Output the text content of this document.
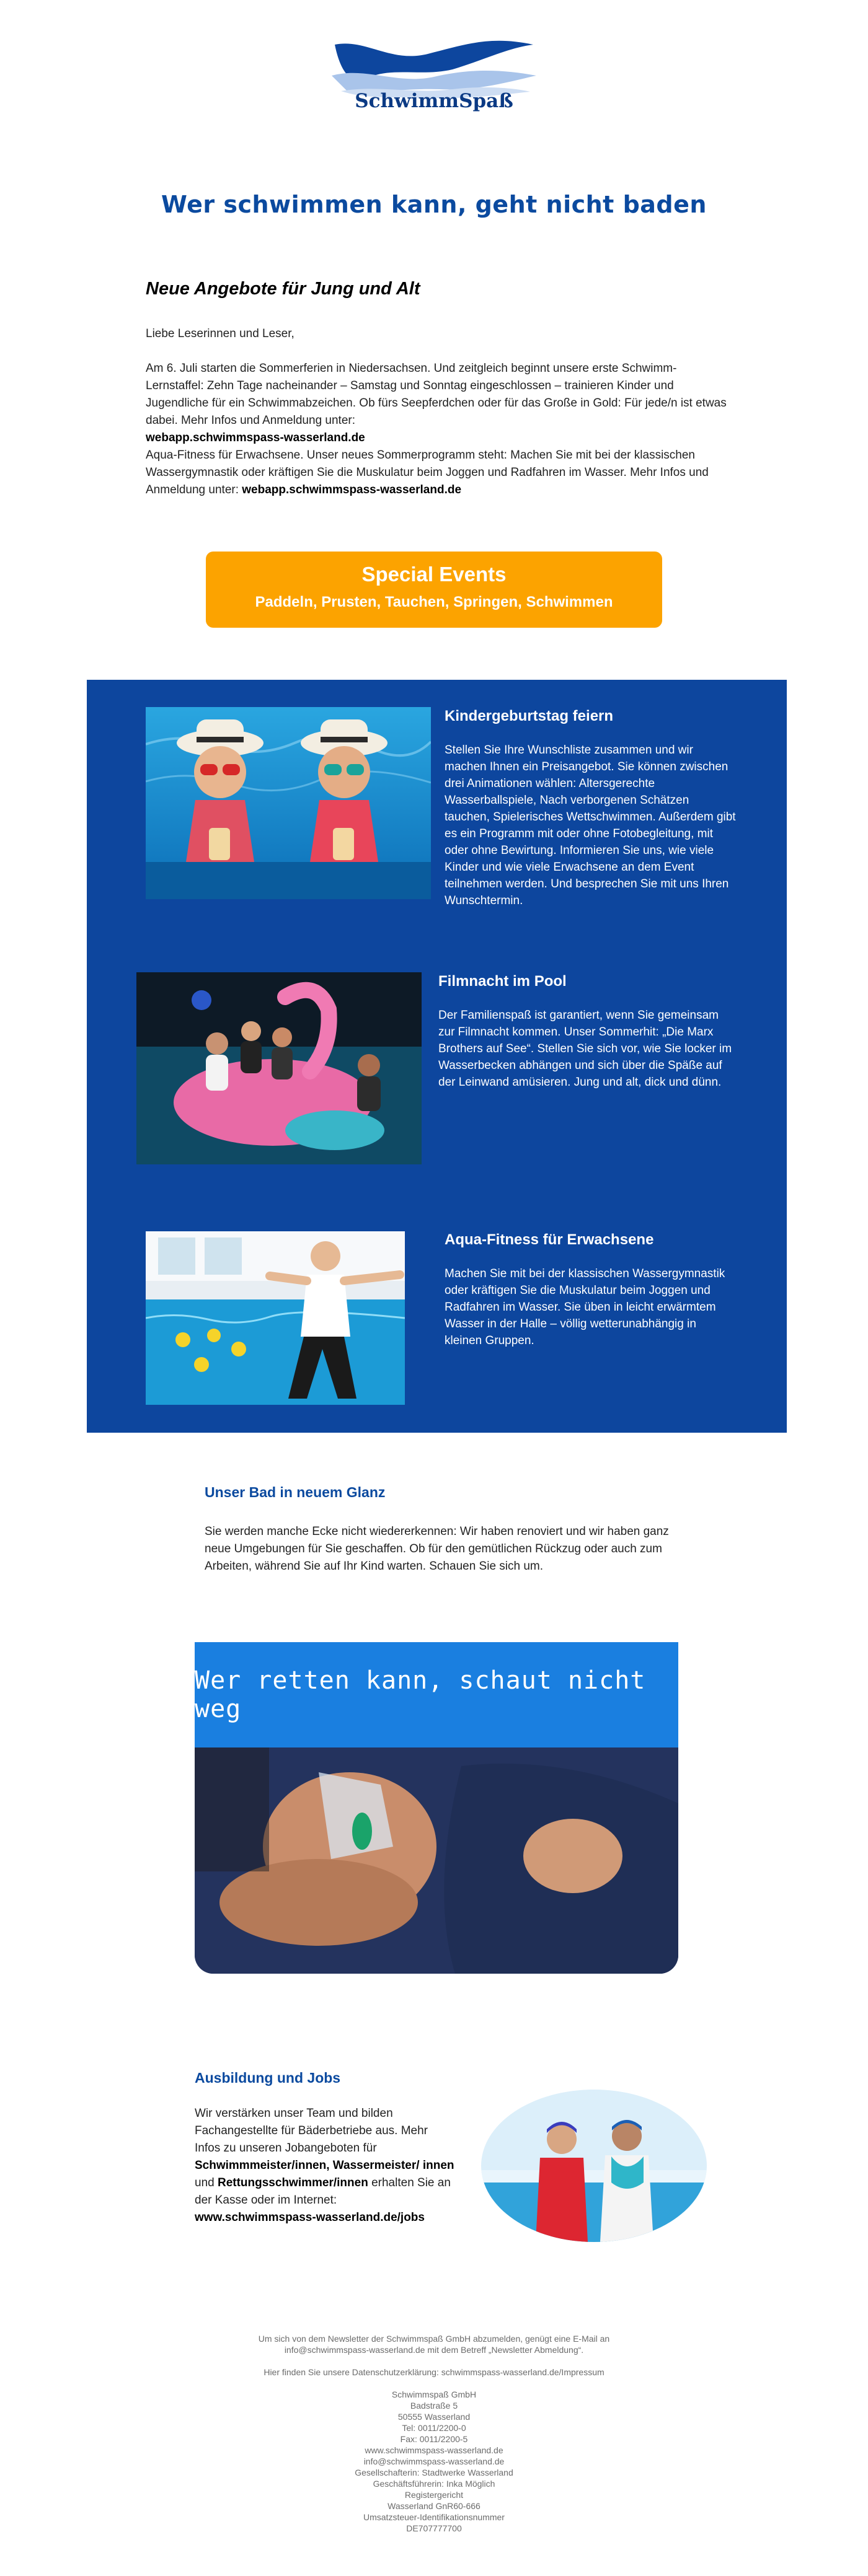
SchwimmSpaß
Wer schwimmen kann, geht nicht baden
Neue Angebote für Jung und Alt

Liebe Leserinnen und Leser,

Am 6. Juli starten die Sommerferien in Niedersachsen. Und zeitgleich beginnt unsere erste Schwimm-Lernstaffel: Zehn Tage nacheinander – Samstag und Sonntag eingeschlossen – trainieren Kinder und Jugendliche für ein Schwimmabzeichen. Ob fürs Seepferdchen oder für das Große in Gold: Für jede/n ist etwas dabei. Mehr Infos und Anmeldung unter:
webapp.schwimmspass-wasserland.de
Aqua-Fitness für Erwachsene. Unser neues Sommerprogramm steht: Machen Sie mit bei der klassischen Wassergymnastik oder kräftigen Sie die Muskulatur beim Joggen und Radfahren im Wasser. Mehr Infos und Anmeldung unter: webapp.schwimmspass-wasserland.de

Special Events
Paddeln, Prusten, Tauchen, Springen, Schwimmen
Kindergeburtstag feiern
Stellen Sie Ihre Wunschliste zusammen und wir machen Ihnen ein Preisangebot. Sie können zwischen drei Animationen wählen: Altersgerechte Wasserballspiele, Nach verborgenen Schätzen tauchen, Spielerisches Wettschwimmen. Außerdem gibt es ein Programm mit oder ohne Fotobegleitung, mit oder ohne Bewirtung. Informieren Sie uns, wie viele Kinder und wie viele Erwachsene an dem Event teilnehmen werden. Und besprechen Sie mit uns Ihren Wunschtermin.
Filmnacht im Pool
Der Familienspaß ist garantiert, wenn Sie gemeinsam zur Filmnacht kommen. Unser Sommerhit: „Die Marx Brothers auf See“. Stellen Sie sich vor, wie Sie locker im Wasserbecken abhängen und sich über die Späße auf der Leinwand amüsieren. Jung und alt, dick und dünn.
Aqua-Fitness für Erwachsene
Machen Sie mit bei der klassischen Wassergymnastik oder kräftigen Sie die Muskulatur beim Joggen und Radfahren im Wasser. Sie üben in leicht erwärmtem Wasser in der Halle – völlig wetterunabhängig in kleinen Gruppen.
Unser Bad in neuem Glanz

Sie werden manche Ecke nicht wiedererkennen: Wir haben renoviert und wir haben ganz neue Umgebungen für Sie geschaffen. Ob für den gemütlichen Rückzug oder auch zum Arbeiten, während Sie auf Ihr Kind warten. Schauen Sie sich um.

Wer retten kann, schaut nicht weg
Ausbildung und Jobs

Wir verstärken unser Team und bilden Fachangestellte für Bäderbetriebe aus. Mehr Infos zu unseren Jobangeboten für Schwimmmeister/innen, Wassermeister/ innen und Rettungsschwimmer/innen erhalten Sie an der Kasse oder im Internet: www.schwimmspass-wasserland.de/jobs

Um sich von dem Newsletter der Schwimmspaß GmbH abzumelden, genügt eine E-Mail an info@schwimmspass-wasserland.de mit dem Betreff „Newsletter Abmeldung“.
Hier finden Sie unsere Datenschutzerklärung: schwimmspass-wasserland.de/Impressum
Schwimmspaß GmbH
Badstraße 5
50555 Wasserland
Tel: 0011/2200-0
Fax: 0011/2200-5
www.schwimmspass-wasserland.de
info@schwimmspass-wasserland.de
Gesellschafterin: Stadtwerke Wasserland
Geschäftsführerin: Inka Möglich
Registergericht
Wasserland GnR60-666
Umsatzsteuer-Identifikationsnummer
DE707777700
